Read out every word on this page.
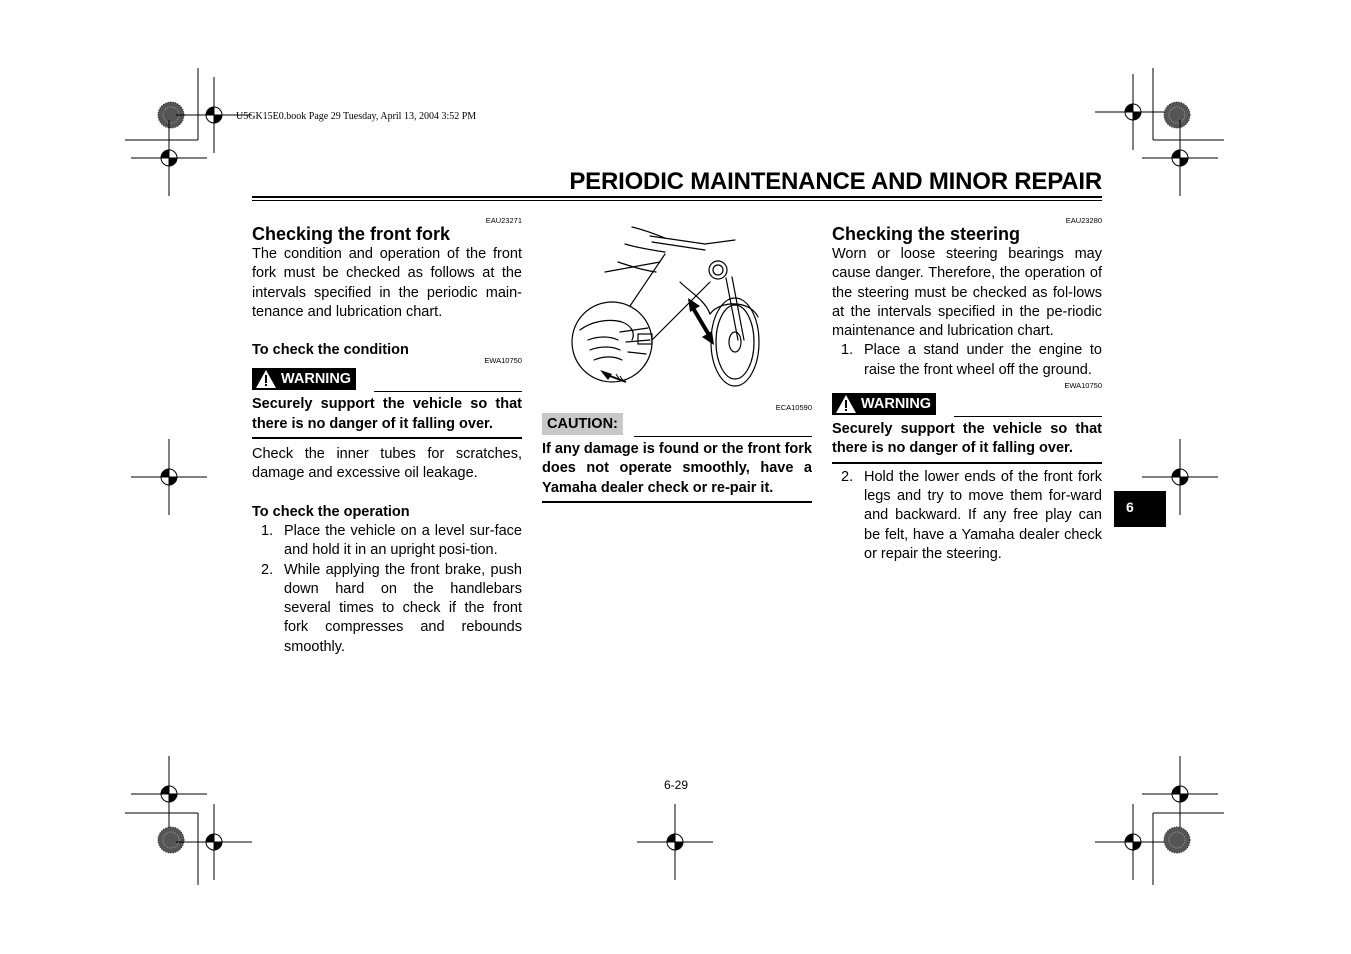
U5GK15E0.book Page 29 Tuesday, April 13, 2004 3:52 PM
PERIODIC MAINTENANCE AND MINOR REPAIR
EAU23271
Checking the front fork

The condition and operation of the front fork must be checked as follows at the intervals specified in the periodic main-tenance and lubrication chart.

To check the condition
EWA10750
WARNING

Securely support the vehicle so that there is no danger of it falling over.

Check the inner tubes for scratches, damage and excessive oil leakage.

To check the operation
1. Place the vehicle on a level sur-face and hold it in an upright posi-tion.
2. While applying the front brake, push down hard on the handlebars several times to check if the front fork compresses and rebounds smoothly.
ECA10590
CAUTION:

If any damage is found or the front fork does not operate smoothly, have a Yamaha dealer check or re-pair it.

EAU23280
Checking the steering

Worn or loose steering bearings may cause danger. Therefore, the operation of the steering must be checked as fol-lows at the intervals specified in the pe-riodic maintenance and lubrication chart.

1. Place a stand under the engine to raise the front wheel off the ground.
EWA10750
WARNING

Securely support the vehicle so that there is no danger of it falling over.

2. Hold the lower ends of the front fork legs and try to move them for-ward and backward. If any free play can be felt, have a Yamaha dealer check or repair the steering.
6
6-29
